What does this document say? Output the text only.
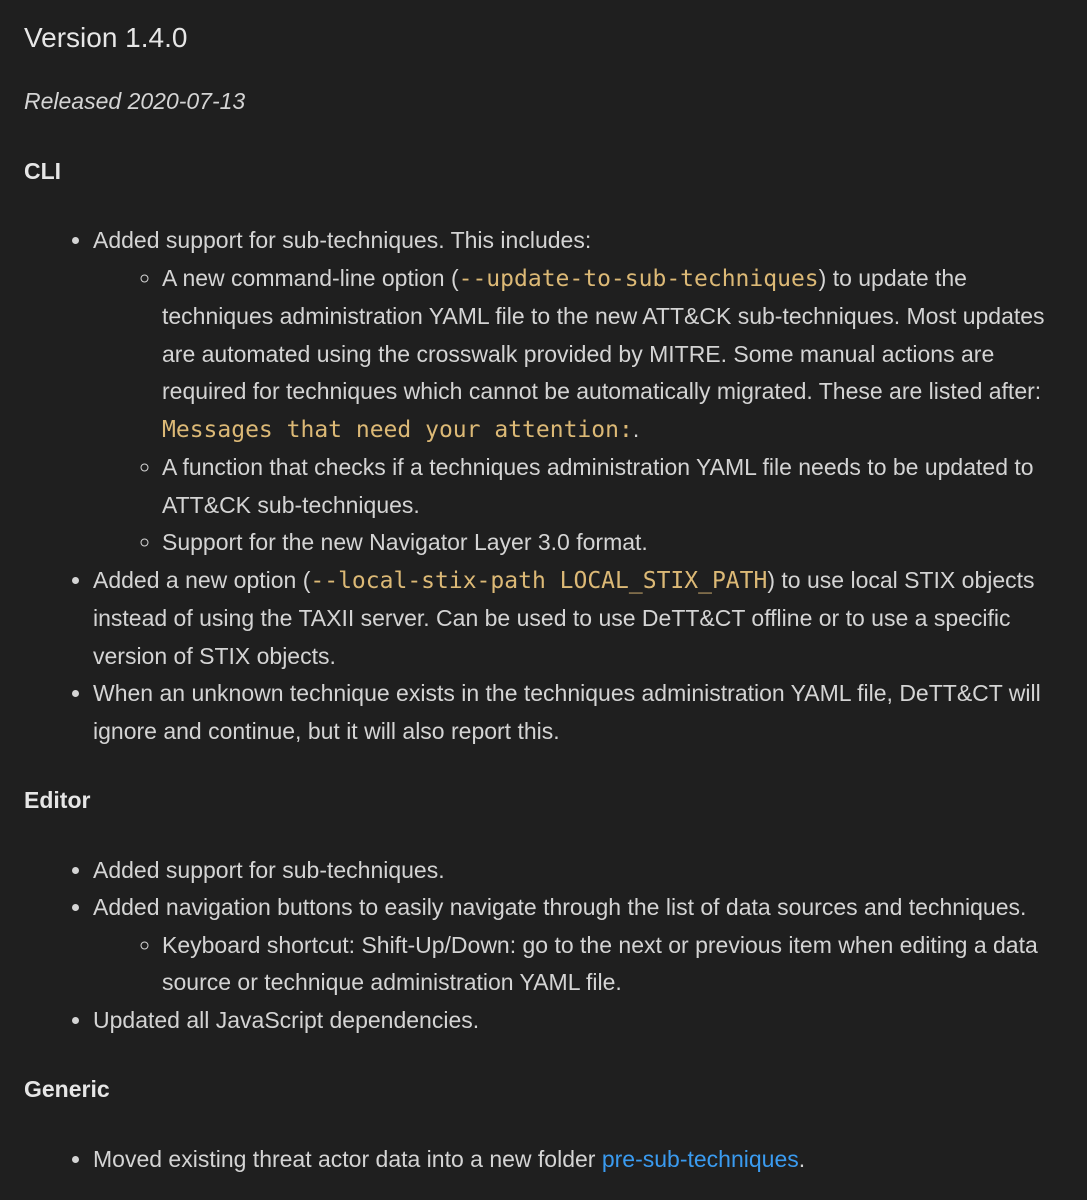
Version 1.4.0

Released 2020-07-13

CLI
• Added support for sub-techniques. This includes:
◦ A new command-line option (--update-to-sub-techniques) to update the techniques administration YAML file to the new ATT&CK sub-techniques. Most updates are automated using the crosswalk provided by MITRE. Some manual actions are required for techniques which cannot be automatically migrated. These are listed after: Messages that need your attention:.
◦ A function that checks if a techniques administration YAML file needs to be updated to ATT&CK sub-techniques.
◦ Support for the new Navigator Layer 3.0 format.
• Added a new option (--local-stix-path LOCAL_STIX_PATH) to use local STIX objects instead of using the TAXII server. Can be used to use DeTT&CT offline or to use a specific version of STIX objects.
• When an unknown technique exists in the techniques administration YAML file, DeTT&CT will ignore and continue, but it will also report this.
Editor
• Added support for sub-techniques.
• Added navigation buttons to easily navigate through the list of data sources and techniques.
◦ Keyboard shortcut: Shift-Up/Down: go to the next or previous item when editing a data source or technique administration YAML file.
• Updated all JavaScript dependencies.
Generic
• Moved existing threat actor data into a new folder pre-sub-techniques.
